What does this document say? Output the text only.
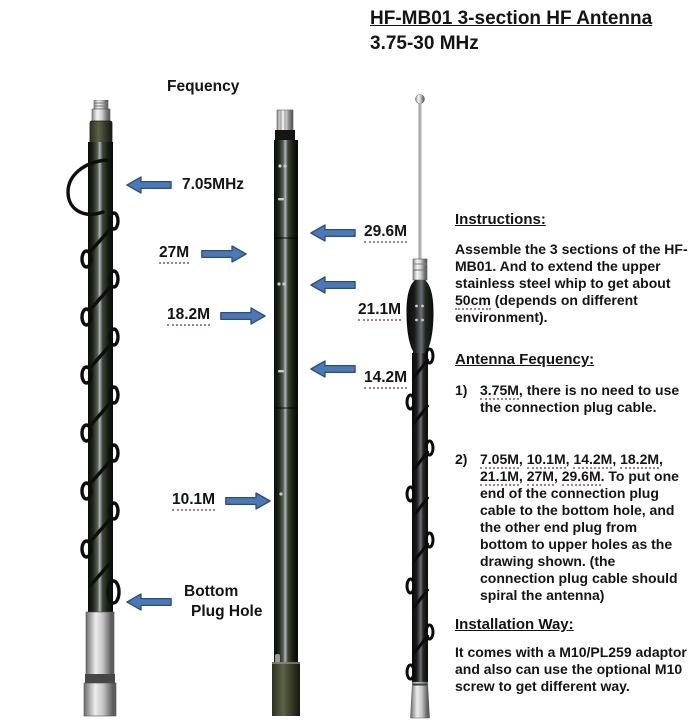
HF-MB01 3-section HF Antenna
3.75-30 MHz
Fequency
7.05MHz
27M
18.2M
10.1M
Bottom
Plug Hole
29.6M
21.1M
14.2M
Instructions:
Assemble the 3 sections of the HF-MB01. And to extend the upper stainless steel whip to get about 50cm (depends on different environment).
Antenna Fequency:
1) 3.75M, there is no need to use the connection plug cable.
2) 7.05M, 10.1M, 14.2M, 18.2M, 21.1M, 27M, 29.6M. To put one end of the connection plug cable to the bottom hole, and the other end plug from bottom to upper holes as the drawing shown. (the connection plug cable should spiral the antenna)
Installation Way:
It comes with a M10/PL259 adaptor and also can use the optional M10 screw to get different way.
